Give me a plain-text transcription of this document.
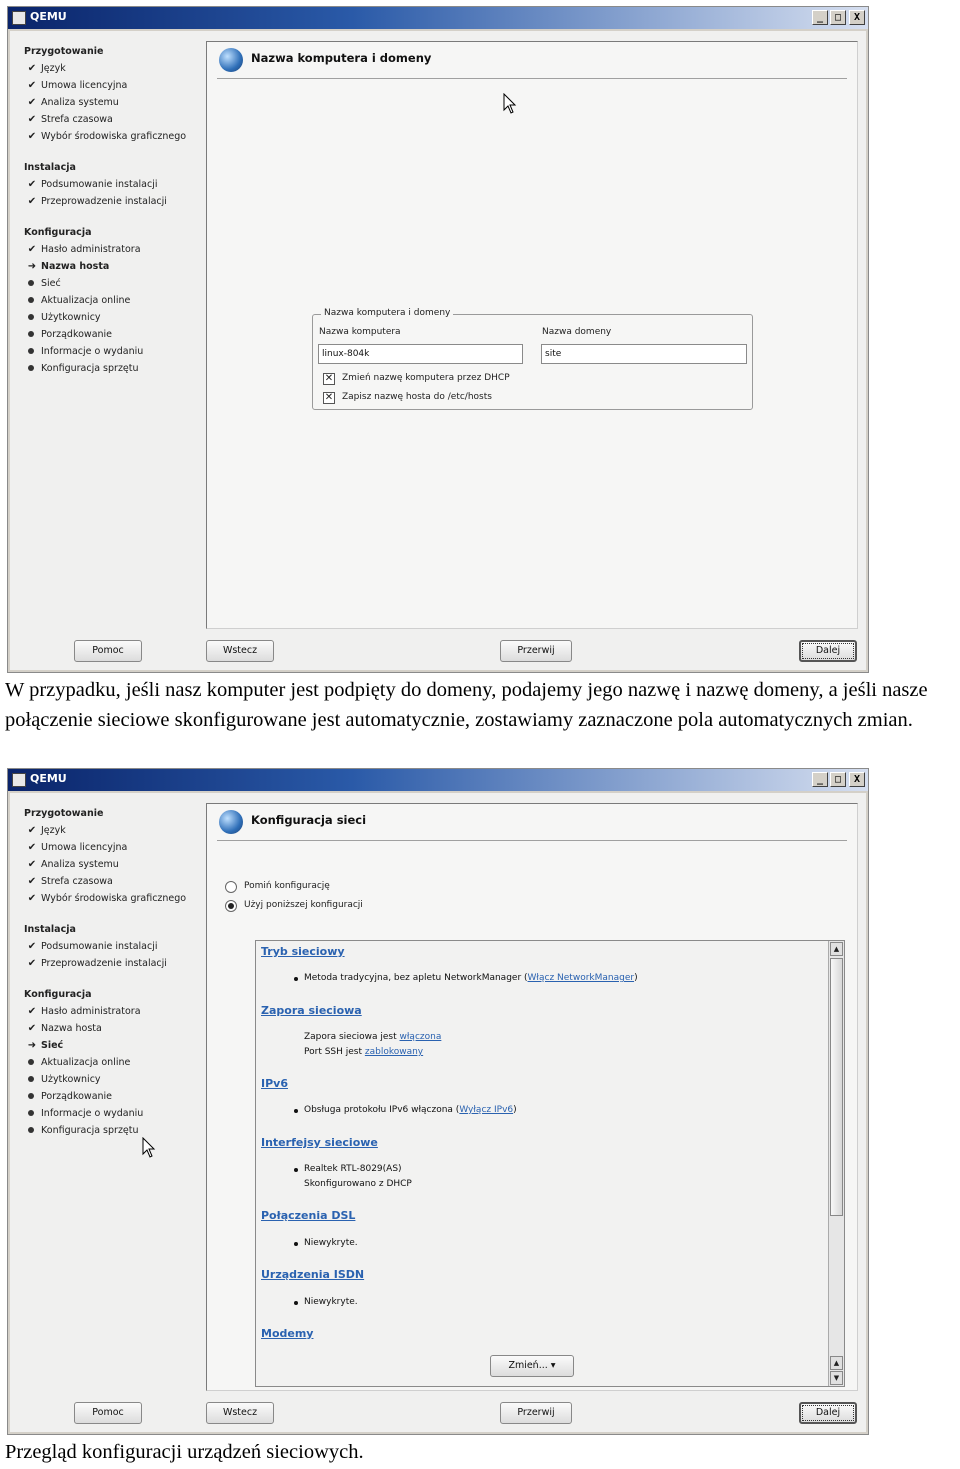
QEMU	_	□	X
Przygotowanie
✔ Język
✔ Umowa licencyjna
✔ Analiza systemu
✔ Strefa czasowa
✔ Wybór środowiska graficznego
Instalacja
✔ Podsumowanie instalacji
✔ Przeprowadzenie instalacji
Konfiguracja
✔ Hasło administratora
➜ Nazwa hosta
Sieć
Aktualizacja online
Użytkownicy
Porządkowanie
Informacje o wydaniu
Konfiguracja sprzętu
Nazwa komputera i domeny
Nazwa komputera i domeny
Nazwa komputera
linux-804k
Nazwa domeny
site
✕ Zmień nazwę komputera przez DHCP
✕ Zapisz nazwę hosta do /etc/hosts
Pomoc	Wstecz	Przerwij	Dalej
W przypadku, jeśli nasz komputer jest podpięty do domeny, podajemy jego nazwę i nazwę domeny, a jeśli nasze połączenie sieciowe skonfigurowane jest automatycznie, zostawiamy zaznaczone pola automatycznych zmian.
QEMU	_	□	X
Przygotowanie
✔ Język
✔ Umowa licencyjna
✔ Analiza systemu
✔ Strefa czasowa
✔ Wybór środowiska graficznego
Instalacja
✔ Podsumowanie instalacji
✔ Przeprowadzenie instalacji
Konfiguracja
✔ Hasło administratora
✔ Nazwa hosta
➜ Sieć
Aktualizacja online
Użytkownicy
Porządkowanie
Informacje o wydaniu
Konfiguracja sprzętu
Konfiguracja sieci
Pomiń konfigurację
Użyj poniższej konfiguracji
Tryb sieciowy
Metoda tradycyjna, bez apletu NetworkManager (Włącz NetworkManager)
Zapora sieciowa
Zapora sieciowa jest włączona
Port SSH jest zablokowany
IPv6
Obsługa protokołu IPv6 włączona (Wyłącz IPv6)
Interfejsy sieciowe
Realtek RTL-8029(AS)
Skonfigurowano z DHCP
Połączenia DSL
Niewykryte.
Urządzenia ISDN
Niewykryte.
Modemy
▲
▲
▼
Zmień... ▾
Pomoc	Wstecz	Przerwij	Dalej
Przegląd konfiguracji urządzeń sieciowych.
